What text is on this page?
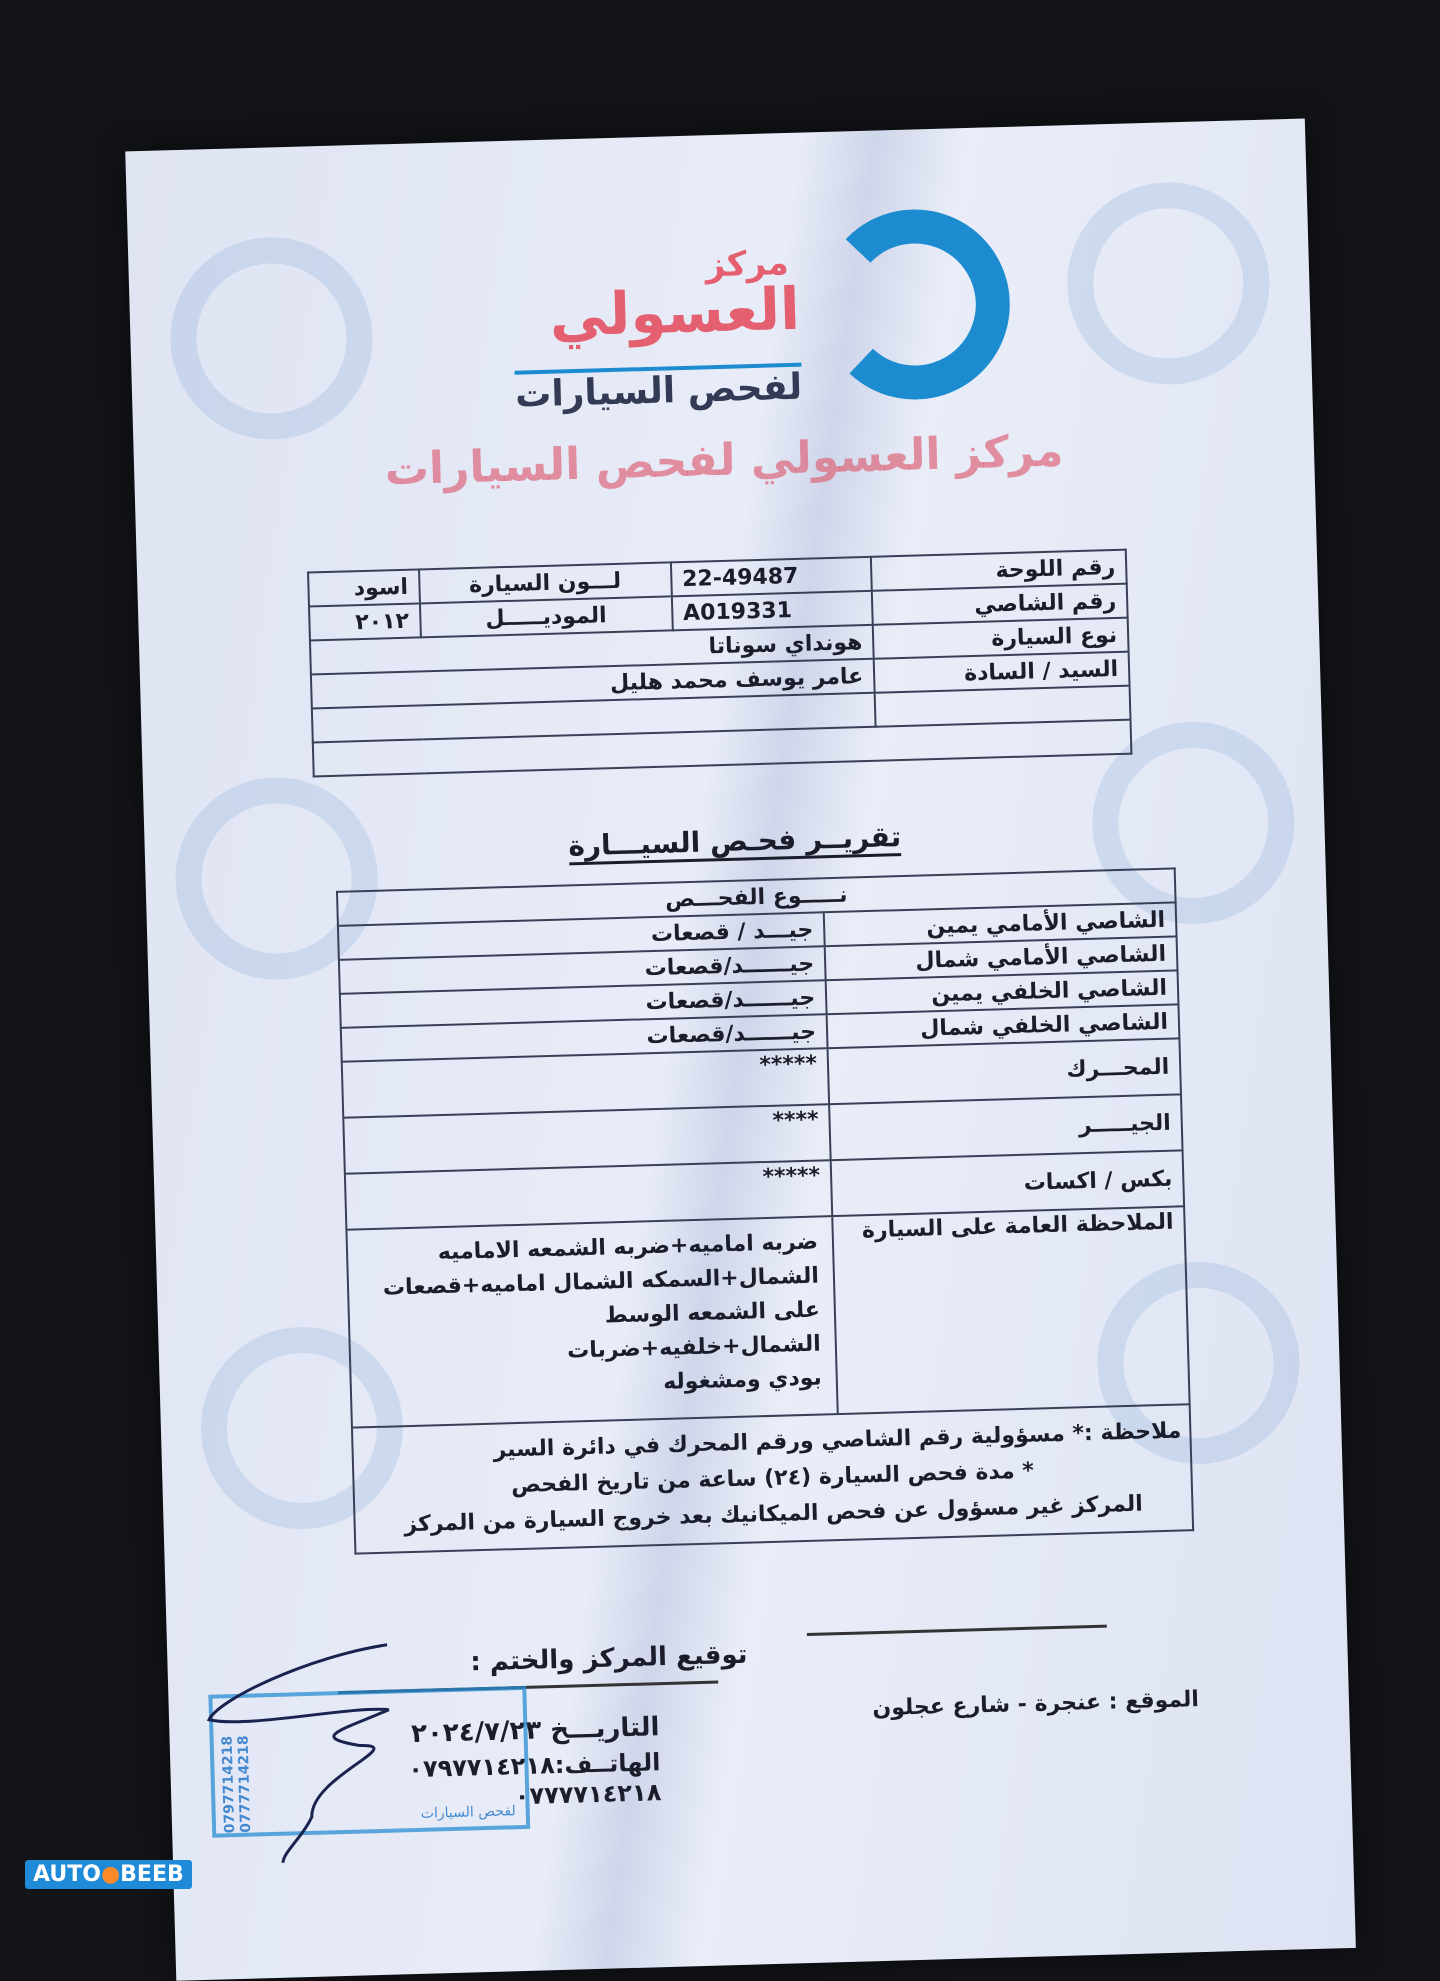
مركز
العسولي
لفحص السيارات
مركز العسولي لفحص السيارات
رقم اللوحة	22-49487	لـــون السيارة	اسود
رقم الشاصي	A019331	الموديـــــل	٢٠١٢
نوع السيارة	هونداي سوناتا		
السيد / السادة	عامر يوسف محمد هليل		

تقريــر فحـص السيـــارة
نـــــوع الفحـــص	
الشاصي الأمامي يمين	جيـــد / قصعات
الشاصي الأمامي شمال	جيــــــد/قصعات
الشاصي الخلفي يمين	جيــــــد/قصعات
الشاصي الخلفي شمال	جيــــــد/قصعات
المحـــرك	*****
الجيـــــر	****
بكس / اكسات	*****
الملاحظة العامة على السيارة	ضربه اماميه+ضربه الشمعه الاماميه
الشمال+السمكه الشمال اماميه+قصعات
على الشمعه الوسط الشمال+خلفيه+ضربات
بودي ومشغوله

ملاحظة :* مسؤولية رقم الشاصي ورقم المحرك في دائرة السير
* مدة فحص السيارة (٢٤) ساعة من تاريخ الفحص
المركز غير مسؤول عن فحص الميكانيك بعد خروج السيارة من المركز	
توقيع المركز والختم :
التاريـــخ ٢٠٢٤/٧/٢٣
الهاتــف:٠٧٩٧٧١٤٢١٨
٠٧٧٧٧١٤٢١٨
الموقع : عنجرة - شارع عجلون
0797714218 0777714218	لفحص السيارات
AUTO●BEEB
